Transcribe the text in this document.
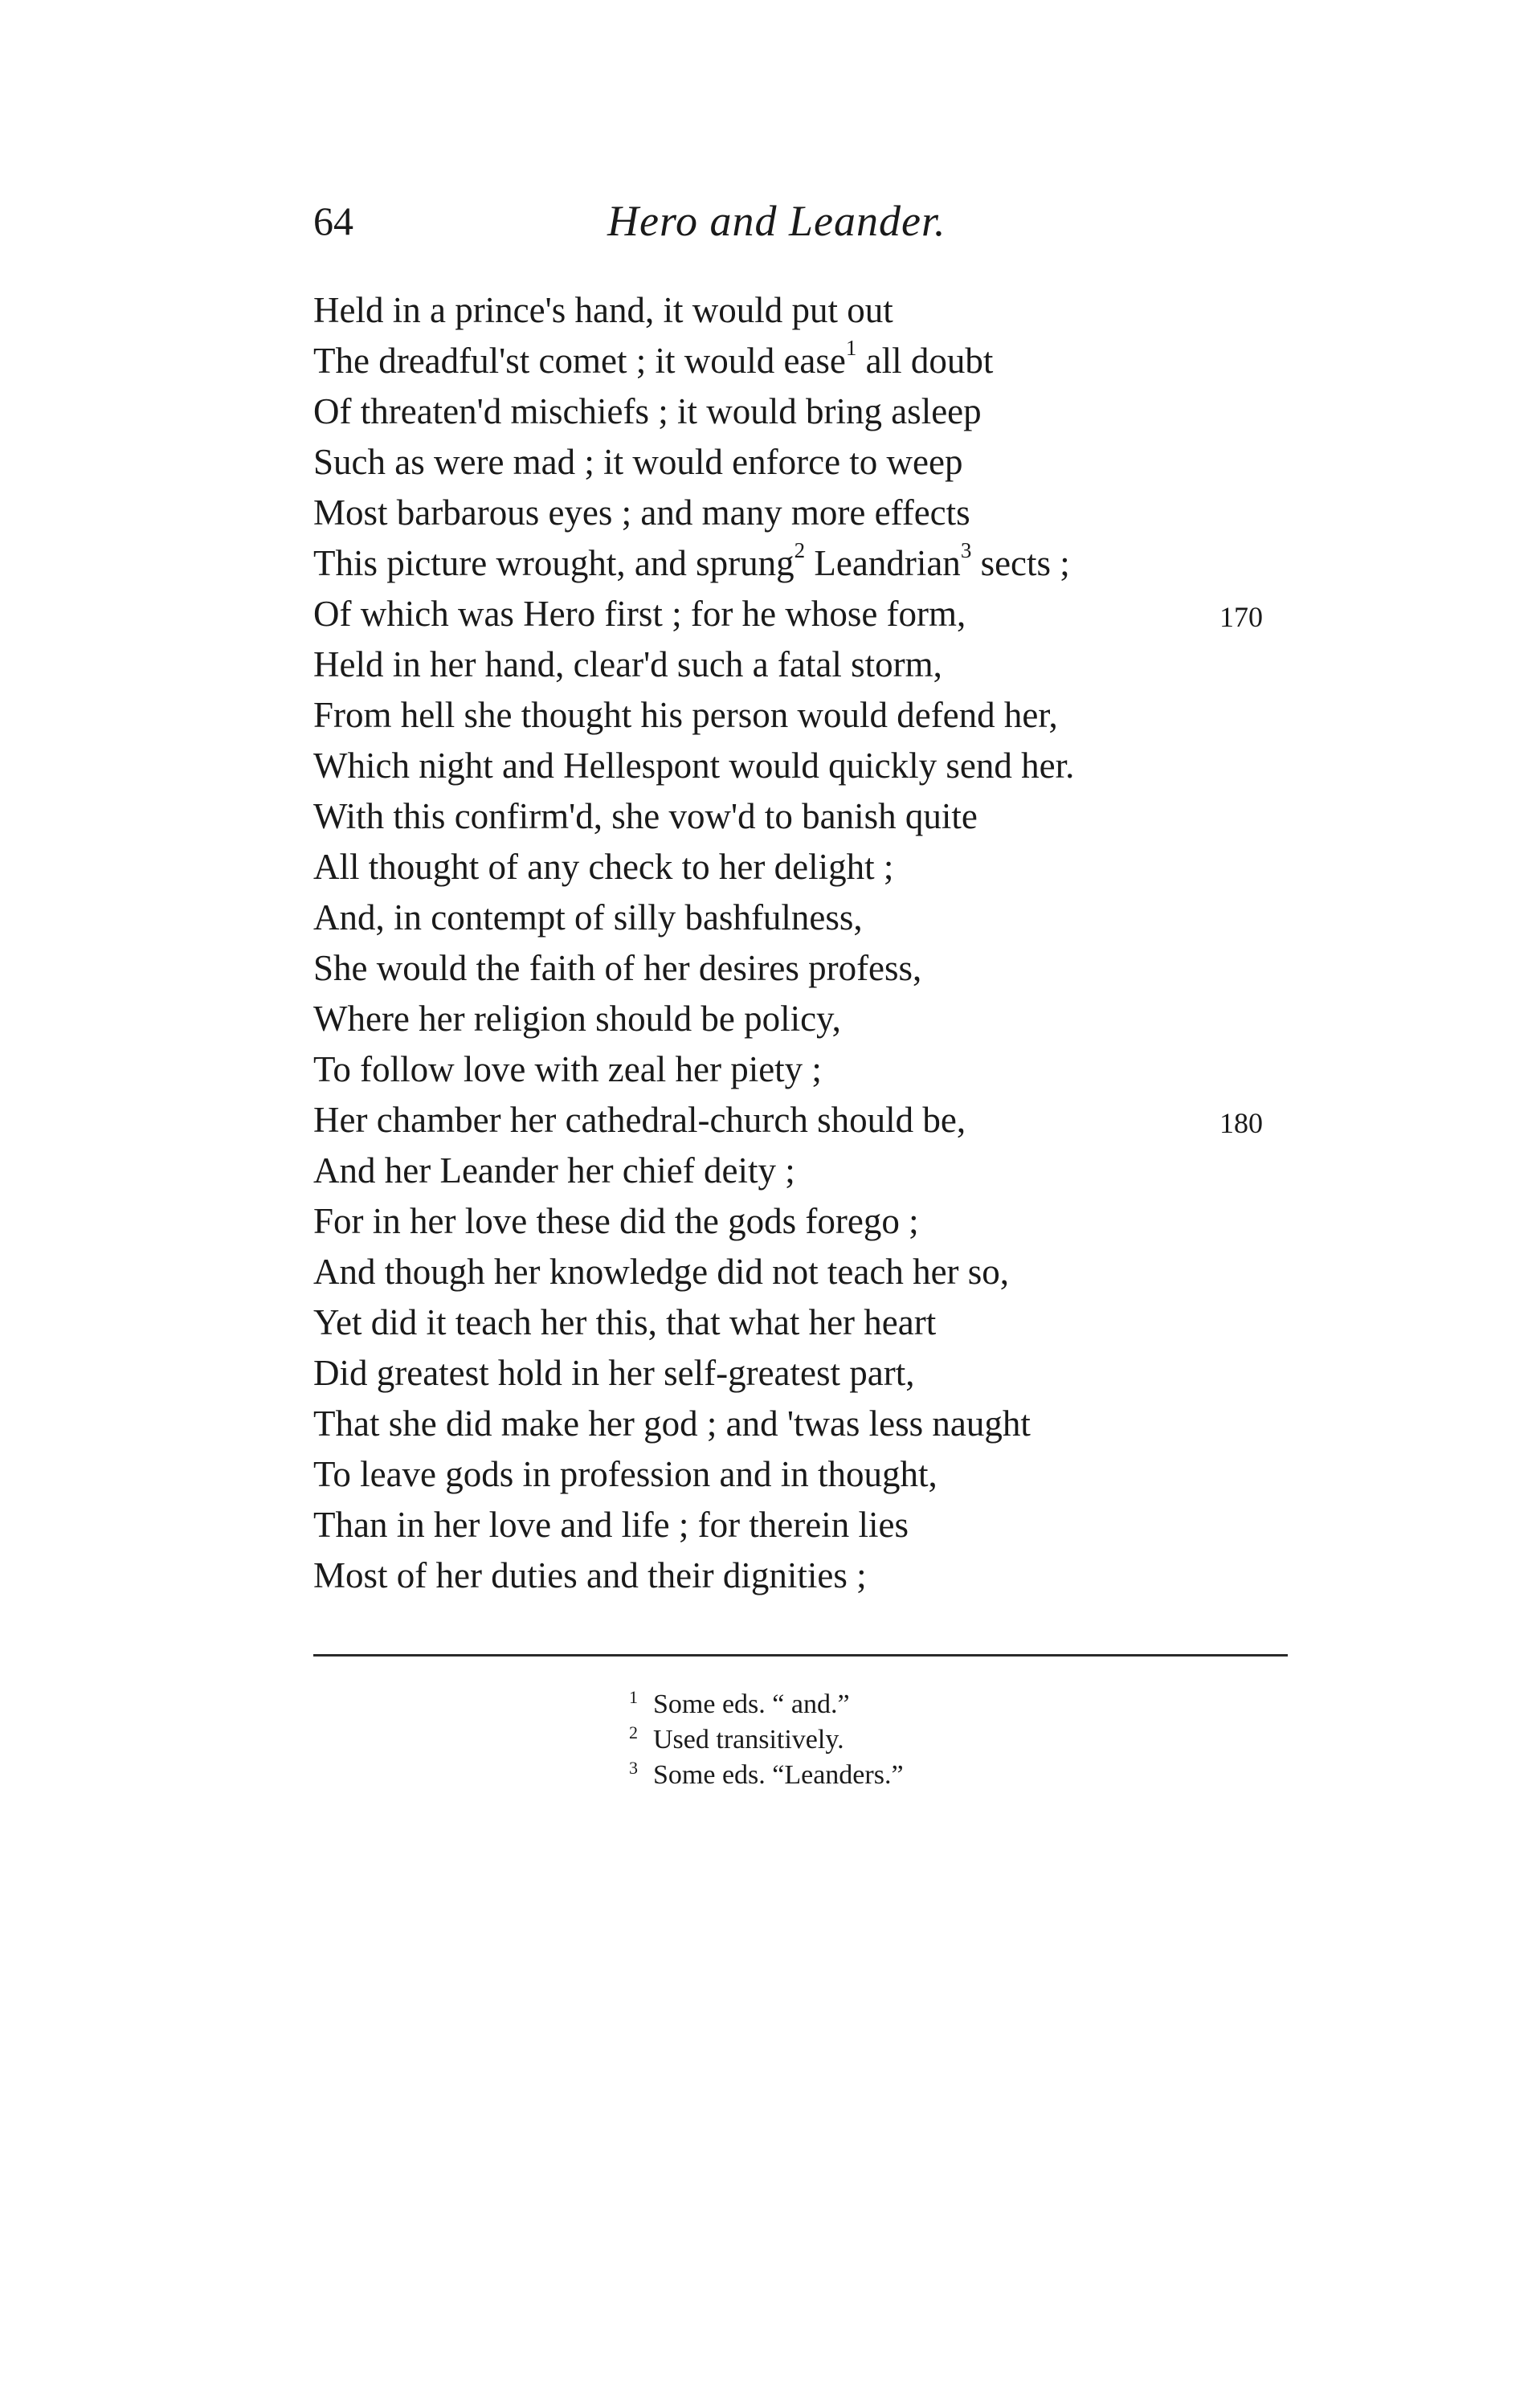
64	Hero and Leander.
Held in a prince's hand, it would put out
The dreadful'st comet ; it would ease$^1$ all doubt
Of threaten'd mischiefs ; it would bring asleep
Such as were mad ; it would enforce to weep
Most barbarous eyes ; and many more effects
This picture wrought, and sprung$^2$ Leandrian$^3$ sects ;
Of which was Hero first ; for he whose form,	170
Held in her hand, clear'd such a fatal storm,
From hell she thought his person would defend her,
Which night and Hellespont would quickly send her.
With this confirm'd, she vow'd to banish quite
All thought of any check to her delight ;
And, in contempt of silly bashfulness,
She would the faith of her desires profess,
Where her religion should be policy,
To follow love with zeal her piety ;
Her chamber her cathedral-church should be,	180
And her Leander her chief deity ;
For in her love these did the gods forego ;
And though her knowledge did not teach her so,
Yet did it teach her this, that what her heart
Did greatest hold in her self-greatest part,
That she did make her god ; and 'twas less naught
To leave gods in profession and in thought,
Than in her love and life ; for therein lies
Most of her duties and their dignities ;
1 Some eds. “ and.”
2 Used transitively.
3 Some eds. “Leanders.”
